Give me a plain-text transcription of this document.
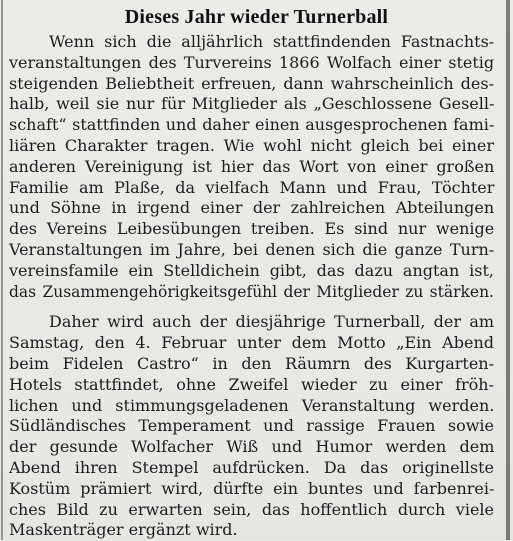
Dieses Jahr wieder Turnerball
Wenn sich die alljährlich stattfindenden Fastnachts-
veranstaltungen des Turvereins 1866 Wolfach einer stetig
steigenden Beliebtheit erfreuen, dann wahrscheinlich des-
halb, weil sie nur für Mitglieder als „Geschlossene Gesell-
schaft“ stattfinden und daher einen ausgesprochenen fami-
liären Charakter tragen. Wie wohl nicht gleich bei einer
anderen Vereinigung ist hier das Wort von einer großen
Familie am Plaße, da vielfach Mann und Frau, Töchter
und Söhne in irgend einer der zahlreichen Abteilungen
des Vereins Leibesübungen treiben. Es sind nur wenige
Veranstaltungen im Jahre, bei denen sich die ganze Turn-
vereinsfamile ein Stelldichein gibt, das dazu angtan ist,
das Zusammengehörigkeitsgefühl der Mitglieder zu stärken.
Daher wird auch der diesjährige Turnerball, der am
Samstag, den 4. Februar unter dem Motto „Ein Abend
beim Fidelen Castro“ in den Räumrn des Kurgarten-
Hotels stattfindet, ohne Zweifel wieder zu einer fröh-
lichen und stimmungsgeladenen Veranstaltung werden.
Südländisches Temperament und rassige Frauen sowie
der gesunde Wolfacher Wiß und Humor werden dem
Abend ihren Stempel aufdrücken. Da das originellste
Kostüm prämiert wird, dürfte ein buntes und farbenrei-
ches Bild zu erwarten sein, das hoffentlich durch viele
Maskenträger ergänzt wird.
